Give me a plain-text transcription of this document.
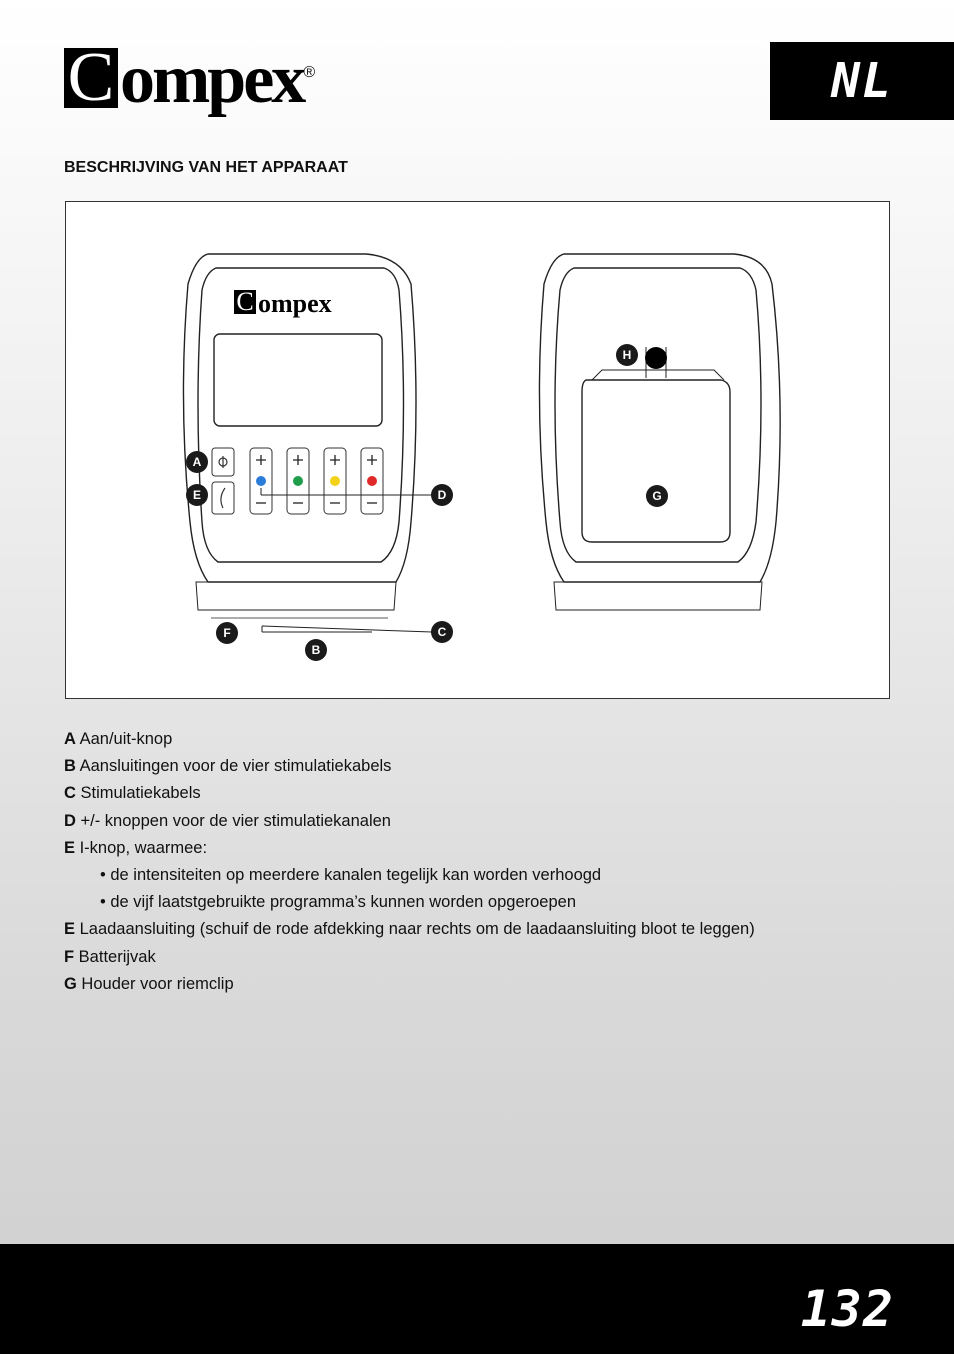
C ompex ®	NL
BESCHRIJVING VAN HET APPARAAT
C ompex
A
E	D
C
F
B
H
G
A Aan/uit-knop
B Aansluitingen voor de vier stimulatiekabels
C Stimulatiekabels
D +/- knoppen voor de vier stimulatiekanalen
E I-knop, waarmee:
• de intensiteiten op meerdere kanalen tegelijk kan worden verhoogd
• de vijf laatstgebruikte programma’s kunnen worden opgeroepen
E Laadaansluiting (schuif de rode afdekking naar rechts om de laadaansluiting bloot te leggen)
F Batterijvak
G Houder voor riemclip
132
